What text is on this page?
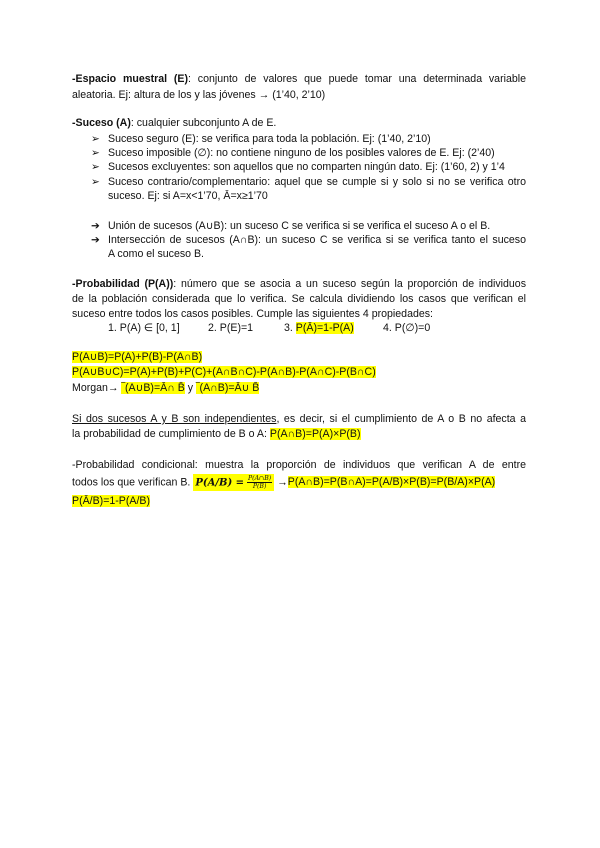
-Espacio muestral (E): conjunto de valores que puede tomar una determinada variable

aleatoria. Ej: altura de los y las jóvenes → (1’40, 2’10)

-Suceso (A): cualquier subconjunto A de E.

➢ Suceso seguro (E): se verifica para toda la población. Ej: (1’40, 2’10)

➢ Suceso imposible (∅): no contiene ninguno de los posibles valores de E. Ej: (2’40)

➢ Sucesos excluyentes: son aquellos que no comparten ningún dato. Ej: (1’60, 2) y 1’4

➢ Suceso contrario/complementario: aquel que se cumple si y solo si no se verifica otro

suceso. Ej: si A=x<1’70, Ā=x≥1’70

➔ Unión de sucesos (A∪B): un suceso C se verifica si se verifica el suceso A o el B.

➔ Intersección de sucesos (A∩B): un suceso C se verifica si se verifica tanto el suceso

A como el suceso B.

-Probabilidad (P(A)): número que se asocia a un suceso según la proporción de individuos

de la población considerada que lo verifica. Se calcula dividiendo los casos que verifican el

suceso entre todos los casos posibles. Cumple las siguientes 4 propiedades:

1. P(A) ∈ [0, 1]	2. P(E)=1	3. P(Ā)=1-P(A)	4. P(∅)=0

P(A∪B)=P(A)+P(B)-P(A∩B)

P(A∪B∪C)=P(A)+P(B)+P(C)+(A∩B∩C)-P(A∩B)-P(A∩C)-P(B∩C)

Morgan→ ‾(A∪B)=Ā∩ B̄ y ‾(A∩B)=Ā∪ B̄

Si dos sucesos A y B son independientes, es decir, si el cumplimiento de A o B no afecta a

la probabilidad de cumplimiento de B o A: P(A∩B)=P(A)×P(B)

-Probabilidad condicional: muestra la proporción de individuos que verifican A de entre

todos los que verifican B. $P(A/B) = \frac{P(A\cap B)}{P(B)}$ →P(A∩B)=P(B∩A)=P(A/B)×P(B)=P(B/A)×P(A)

P(Ā/B)=1-P(A/B)
